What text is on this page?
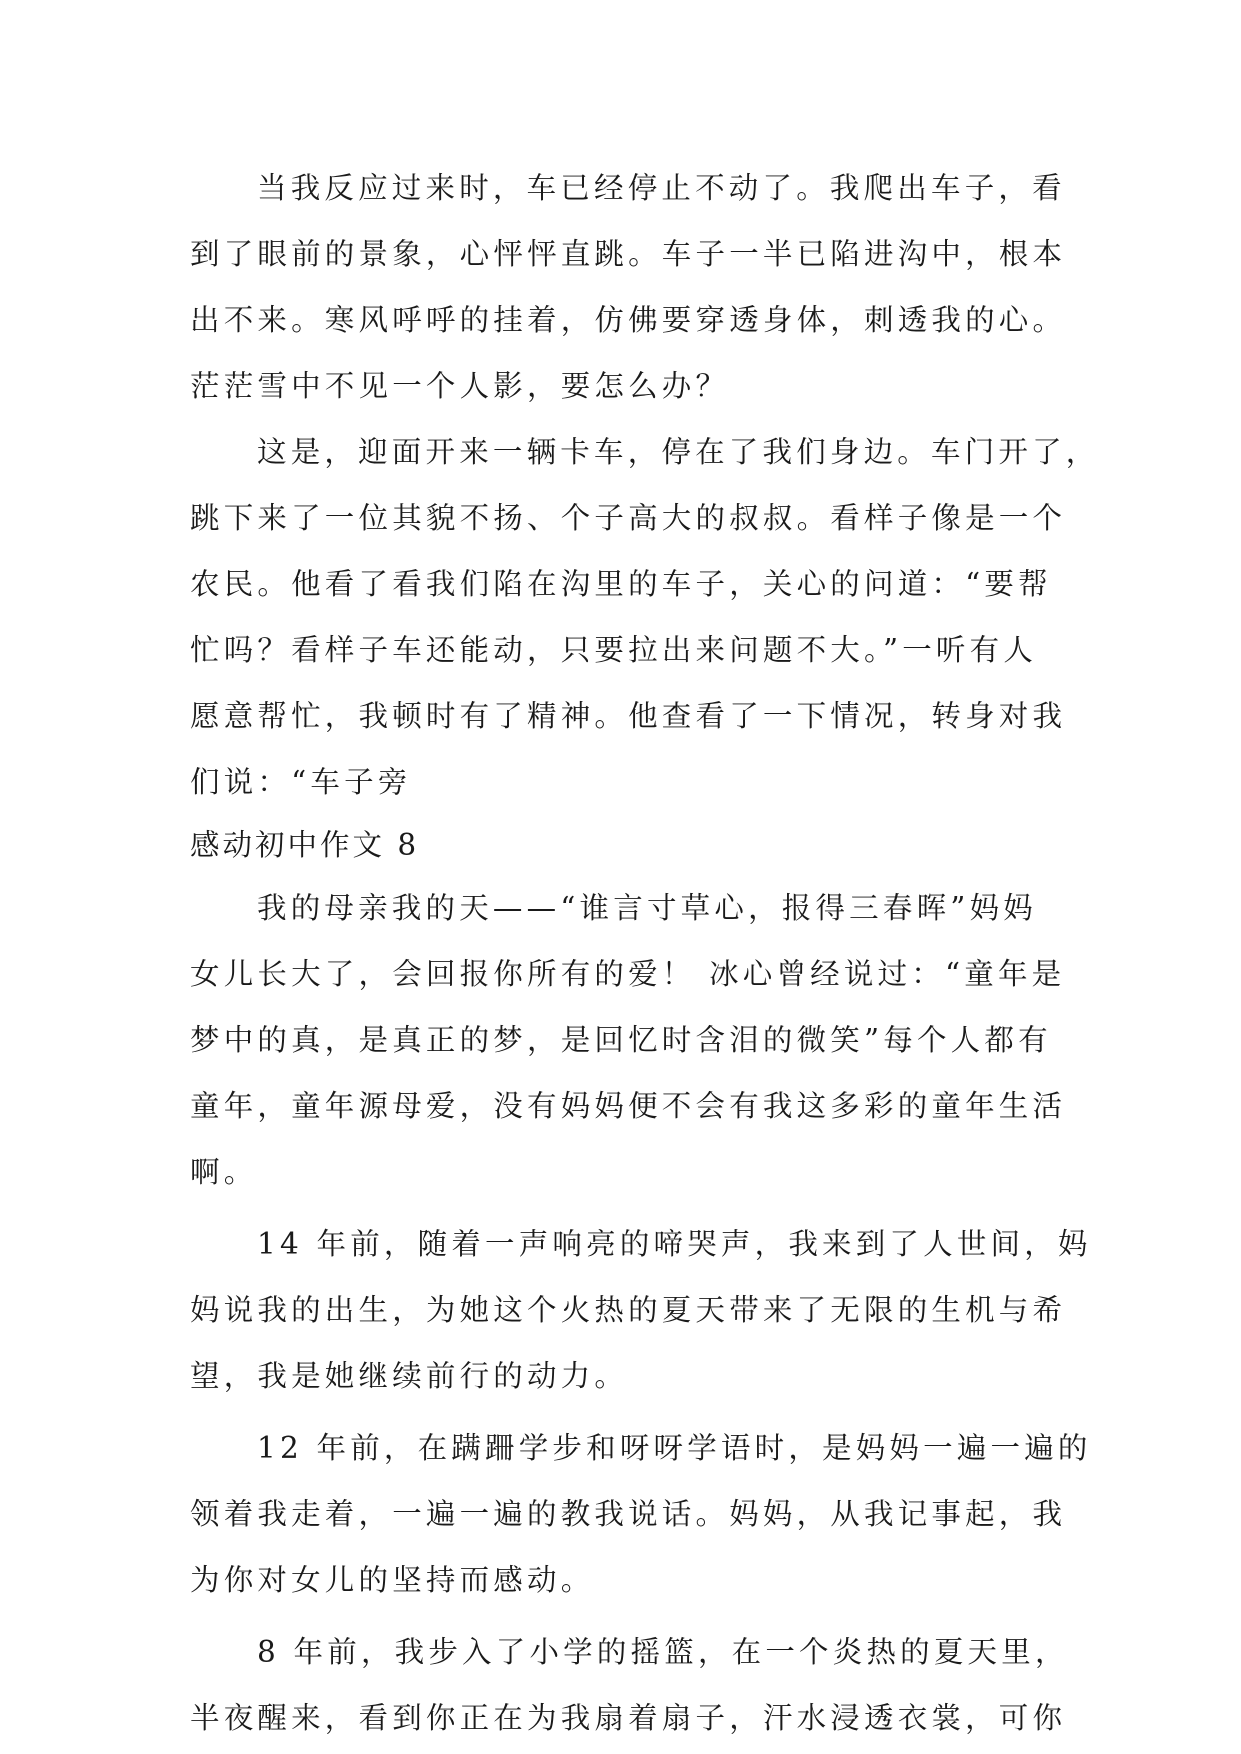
当我反应过来时，车已经停止不动了。我爬出车子，看
到了眼前的景象，心怦怦直跳。车子一半已陷进沟中，根本
出不来。寒风呼呼的挂着，仿佛要穿透身体，刺透我的心。
茫茫雪中不见一个人影，要怎么办？
这是，迎面开来一辆卡车，停在了我们身边。车门开了，
跳下来了一位其貌不扬、个子高大的叔叔。看样子像是一个
农民。他看了看我们陷在沟里的车子，关心的问道：“要帮
忙吗？看样子车还能动，只要拉出来问题不大。”一听有人
愿意帮忙，我顿时有了精神。他查看了一下情况，转身对我
们说：“车子旁
感动初中作文 8
我的母亲我的天——“谁言寸草心，报得三春晖”妈妈
女儿长大了，会回报你所有的爱！ 冰心曾经说过：“童年是
梦中的真，是真正的梦，是回忆时含泪的微笑”每个人都有
童年，童年源母爱，没有妈妈便不会有我这多彩的童年生活
啊。
14 年前，随着一声响亮的啼哭声，我来到了人世间，妈
妈说我的出生，为她这个火热的夏天带来了无限的生机与希
望，我是她继续前行的动力。
12 年前，在蹒跚学步和呀呀学语时，是妈妈一遍一遍的
领着我走着，一遍一遍的教我说话。妈妈，从我记事起，我
为你对女儿的坚持而感动。
8 年前，我步入了小学的摇篮，在一个炎热的夏天里，
半夜醒来，看到你正在为我扇着扇子，汗水浸透衣裳，可你
